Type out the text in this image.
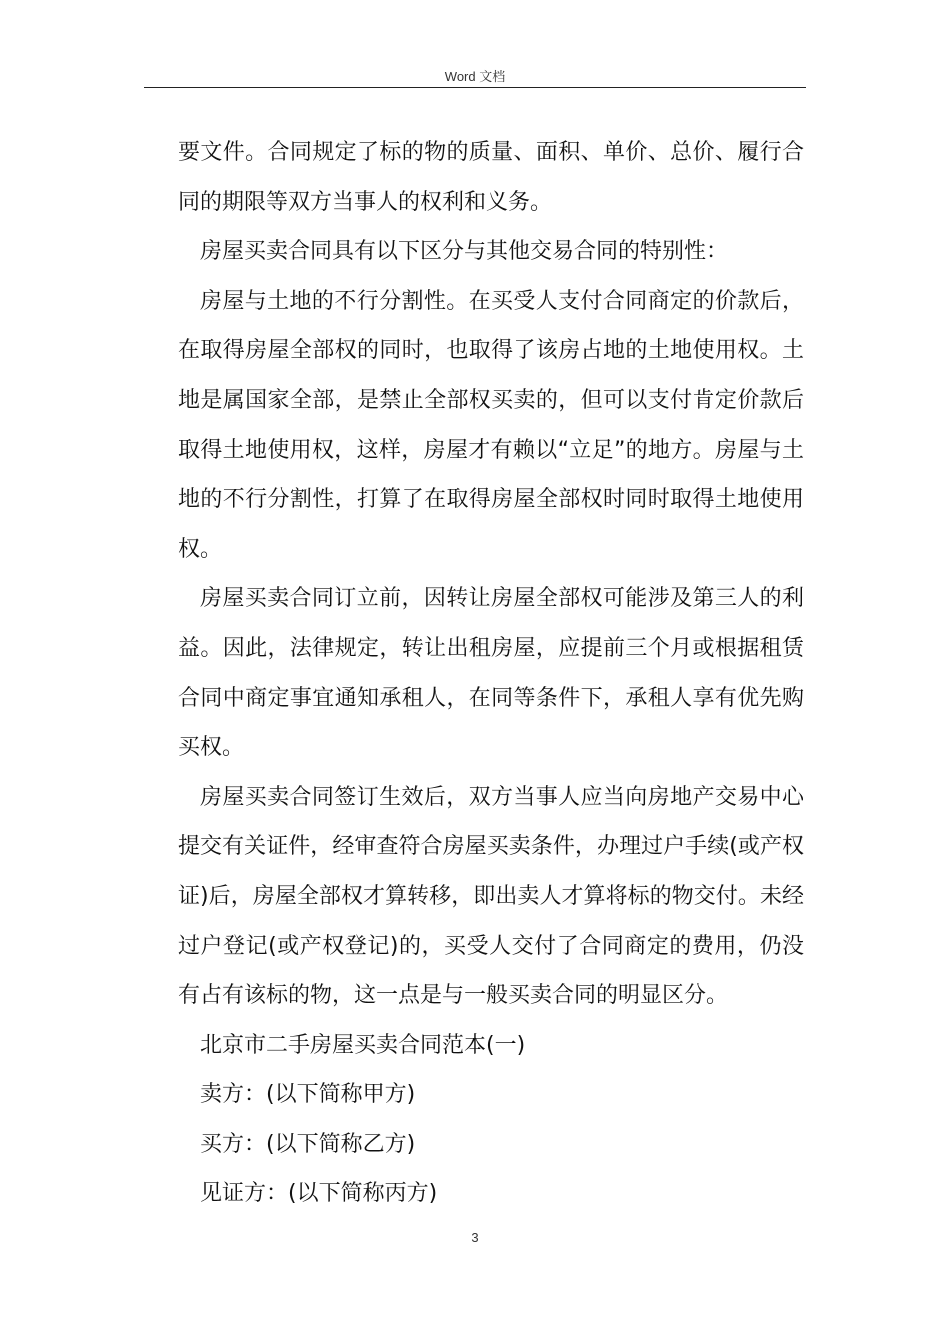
Word 文档

要文件。合同规定了标的物的质量、面积、单价、总价、履行合同的期限等双方当事人的权利和义务。

房屋买卖合同具有以下区分与其他交易合同的特别性：

房屋与土地的不行分割性。在买受人支付合同商定的价款后，在取得房屋全部权的同时，也取得了该房占地的土地使用权。土地是属国家全部，是禁止全部权买卖的，但可以支付肯定价款后取得土地使用权，这样，房屋才有赖以“立足”的地方。房屋与土地的不行分割性，打算了在取得房屋全部权时同时取得土地使用权。

房屋买卖合同订立前，因转让房屋全部权可能涉及第三人的利益。因此，法律规定，转让出租房屋，应提前三个月或根据租赁合同中商定事宜通知承租人，在同等条件下，承租人享有优先购买权。

房屋买卖合同签订生效后，双方当事人应当向房地产交易中心提交有关证件，经审查符合房屋买卖条件，办理过户手续(或产权证)后，房屋全部权才算转移，即出卖人才算将标的物交付。未经过户登记(或产权登记)的，买受人交付了合同商定的费用，仍没有占有该标的物，这一点是与一般买卖合同的明显区分。

北京市二手房屋买卖合同范本(一)

卖方：(以下简称甲方)

买方：(以下简称乙方)

见证方：(以下简称丙方)

3
